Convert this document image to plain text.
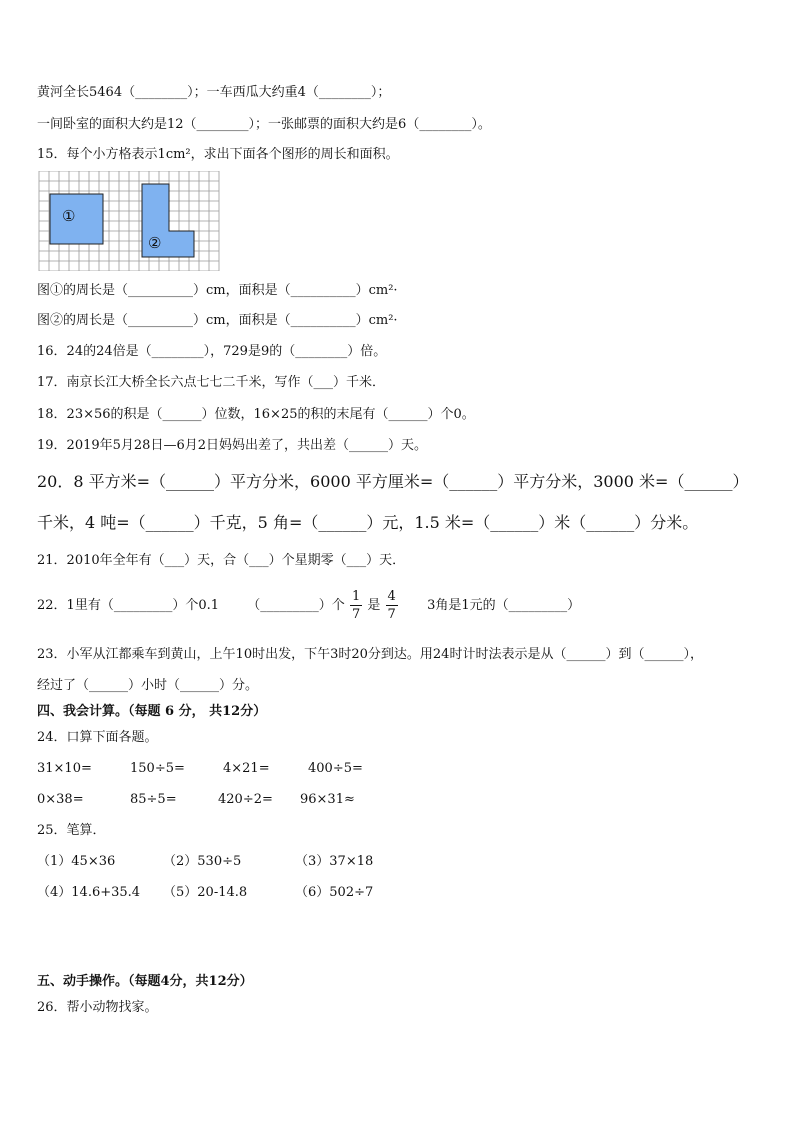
黄河全长5464（________）；一车西瓜大约重4（________）；
一间卧室的面积大约是12（________）；一张邮票的面积大约是6（________）。
15．每个小方格表示1cm²，求出下面各个图形的周长和面积。
①
②
图①的周长是（__________）cm，面积是（__________）cm²·
图②的周长是（__________）cm，面积是（__________）cm²·
16．24的24倍是（________），729是9的（________）倍。
17．南京长江大桥全长六点七七二千米，写作（___）千米．
18．23×56的积是（______）位数，16×25的积的末尾有（______）个0。
19．2019年5月28日—6月2日妈妈出差了，共出差（______）天。
20．8 平方米=（______）平方分米，6000 平方厘米=（______）平方分米，3000 米=（______）
千米，4 吨=（______）千克，5 角=（______）元，1.5 米=（______）米（______）分米。
21．2010年全年有（___）天，合（___）个星期零（___）天．
22．1里有（_________）个0.1 （_________）个 $\frac{1}{7}$ 是 $\frac{4}{7} 3$角是1元的（_________）
23．小军从江都乘车到黄山，上午10时出发，下午3时20分到达。用24时计时法表示是从（______）到（______），
经过了（______）小时（______）分。
四、我会计算。（每题 6 分， 共12分）
24．口算下面各题。
31×10=	150÷5=	4×21=	400÷5=
0×38=	85÷5=	420÷2= 96×31≈
25．笔算．
（1）45×36	（2）530÷5	（3）37×18
（4）14.6+35.4 （5）20-14.8	（6）502÷7
五、动手操作。（每题4分，共12分）
26．帮小动物找家。
